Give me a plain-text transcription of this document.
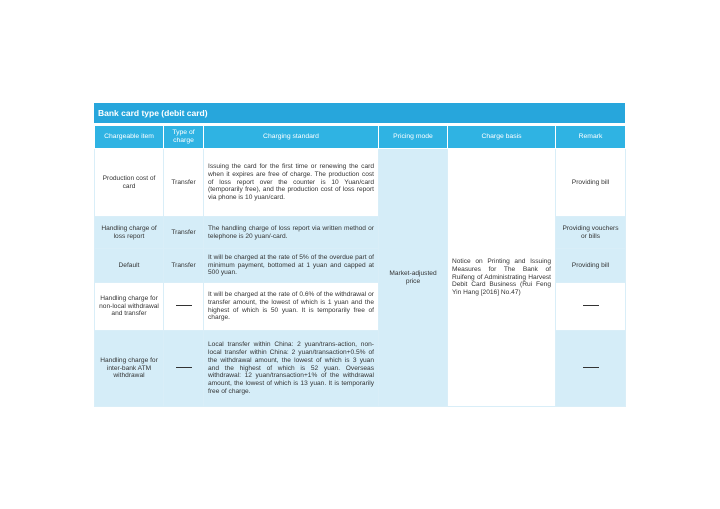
Bank card type (debit card)
Chargeable item	Type of charge	Charging standard	Pricing mode	Charge basis	Remark
Production cost of card	Transfer	Issuing the card for the first time or renewing the card when it expires are free of charge. The production cost of loss report over the counter is 10 Yuan/card (temporarily free), and the production cost of loss report via phone is 10 yuan/card.	Market-adjusted price	Notice on Printing and Issuing Measures for The Bank of Ruifeng of Administrating Harvest Debit Card Business (Rui Feng Yin Hang [2016] No.47)	Providing bill
Handling charge of loss report	Transfer	The handling charge of loss report via written method or telephone is 20 yuan/-card.			Providing vouchers or bills
Default	Transfer	It will be charged at the rate of 5% of the overdue part of minimum payment, bottomed at 1 yuan and capped at 500 yuan.			Providing bill
Handling charge for non-local withdrawal and transfer		It will be charged at the rate of 0.6% of the withdrawal or transfer amount, the lowest of which is 1 yuan and the highest of which is 50 yuan. It is temporarily free of charge.			
Handling charge for inter-bank ATM withdrawal		Local transfer within China: 2 yuan/trans-action, non-local transfer within China: 2 yuan/transaction+0.5% of the withdrawal amount, the lowest of which is 3 yuan and the highest of which is 52 yuan. Overseas withdrawal: 12 yuan/transaction+1% of the withdrawal amount, the lowest of which is 13 yuan. It is temporarily free of charge.			
